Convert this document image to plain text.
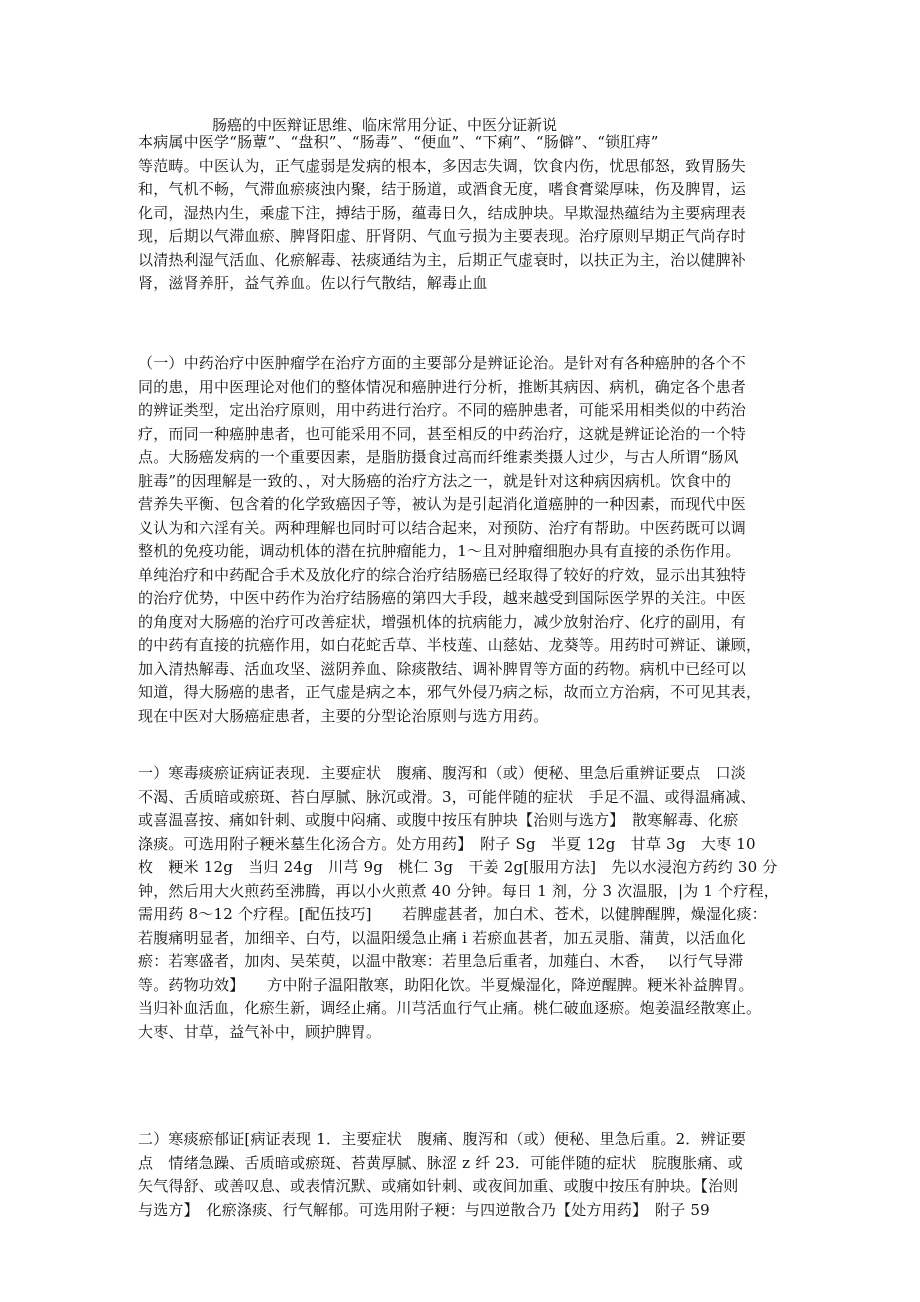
肠癌的中医辩证思维、临床常用分证、中医分证新说
本病属中医学“肠蕈”、“盘积”、“肠毒”、“便血”、“下痢”、“肠僻”、“锁肛痔”
等范畴。中医认为，正气虚弱是发病的根本，多因志失调，饮食内伤，忧思郁怒，致胃肠失
和，气机不畅，气滞血瘀痰浊内聚，结于肠道，或酒食无度，嗜食膏粱厚味，伤及脾胃，运
化司，湿热内生，乘虚下注，搏结于肠，蕴毒日久，结成肿块。早欺湿热蕴结为主要病理表
现，后期以气滞血瘀、脾肾阳虚、肝肾阴、气血亏损为主要表现。治疗原则早期正气尚存时
以清热利湿气活血、化瘀解毒、祛痰通结为主，后期正气虚衰时，以扶正为主，治以健脾补
肾，滋肾养肝，益气养血。佐以行气散结，解毒止血
（一）中药治疗中医肿瘤学在治疗方面的主要部分是辨证论治。是针对有各种癌肿的各个不
同的患，用中医理论对他们的整体情况和癌肿进行分析，推断其病因、病机，确定各个患者
的辨证类型，定出治疗原则，用中药进行治疗。不同的癌肿患者，可能采用相类似的中药治
疗，而同一种癌肿患者，也可能采用不同，甚至相反的中药治疗，这就是辨证论治的一个特
点。大肠癌发病的一个重要因素，是脂肪摄食过高而纤维素类摄人过少，与古人所谓“肠风
脏毒”的因理解是一致的、，对大肠癌的治疗方法之一，就是针对这种病因病机。饮食中的
营养失平衡、包含着的化学致癌因子等，被认为是引起消化道癌肿的一种因素，而现代中医
义认为和六淫有关。两种理解也同时可以结合起来，对预防、治疗有帮助。中医药既可以调
整机的免疫功能，调动机体的潜在抗肿瘤能力，1～且对肿瘤细胞办具有直接的杀伤作用。
单纯治疗和中药配合手术及放化疗的综合治疗结肠癌已经取得了较好的疗效，显示出其独特
的治疗优势，中医中药作为治疗结肠癌的第四大手段，越来越受到国际医学界的关注。中医
的角度对大肠癌的治疗可改善症状，增强机体的抗病能力，减少放射治疗、化疗的副用，有
的中药有直接的抗癌作用，如白花蛇舌草、半枝莲、山慈姑、龙葵等。用药时可辨证、谦顾，
加入清热解毒、活血攻坚、滋阴养血、除痰散结、调补脾胃等方面的药物。病机中已经可以
知道，得大肠癌的患者，正气虚是病之本，邪气外侵乃病之标，故而立方治病，不可见其表，
现在中医对大肠癌症患者，主要的分型论治原则与选方用药。
一）寒毒痰瘀证病证表现．主要症状　腹痛、腹泻和（或）便秘、里急后重辨证要点　口淡
不渴、舌质暗或瘀斑、苔白厚腻、脉沉或滑。3，可能伴随的症状　手足不温、或得温痛减、
或喜温喜按、痛如针刺、或腹中闷痛、或腹中按压有肿块【治则与选方】　散寒解毒、化瘀
涤痰。可选用附子粳米墓生化汤合方。处方用药】　附子 Sg　半夏 12g　甘草 3g　大枣 10
枚　粳米 12g　当归 24g　川芎 9g　桃仁 3g　干姜 2g[服用方法]　先以水浸泡方药约 30 分
钟，然后用大火煎药至沸腾，再以小火煎煮 40 分钟。每日 1 剂，分 3 次温服，|为 1 个疗程，
需用药 8～12 个疗程。[配伍技巧]　　若脾虚甚者，加白术、苍术，以健脾醒脾，燥湿化痰：
若腹痛明显者，加细辛、白芍，以温阳缓急止痛 i 若瘀血甚者，加五灵脂、蒲黄，以活血化
瘀：若寒盛者，加肉、吴茱萸，以温中散寒：若里急后重者，加薤白、木香，　 以行气导滞
等。药物功效】　　方中附子温阳散寒，助阳化饮。半夏燥湿化，降逆醒脾。粳米补益脾胃。
当归补血活血，化瘀生新，调经止痛。川芎活血行气止痛。桃仁破血逐瘀。炮姜温经散寒止。
大枣、甘草，益气补中，顾护脾胃。
二）寒痰瘀郁证[病证表现 1．主要症状　腹痛、腹泻和（或）便秘、里急后重。2．辨证要
点　情绪急躁、舌质暗或瘀斑、苔黄厚腻、脉涩 z 纤 23．可能伴随的症状　脘腹胀痛、或
矢气得舒、或善叹息、或表情沉默、或痛如针刺、或夜间加重、或腹中按压有肿块。【治则
与选方】　化瘀涤痰、行气解郁。可选用附子粳：与四逆散合乃【处方用药】　附子 59
